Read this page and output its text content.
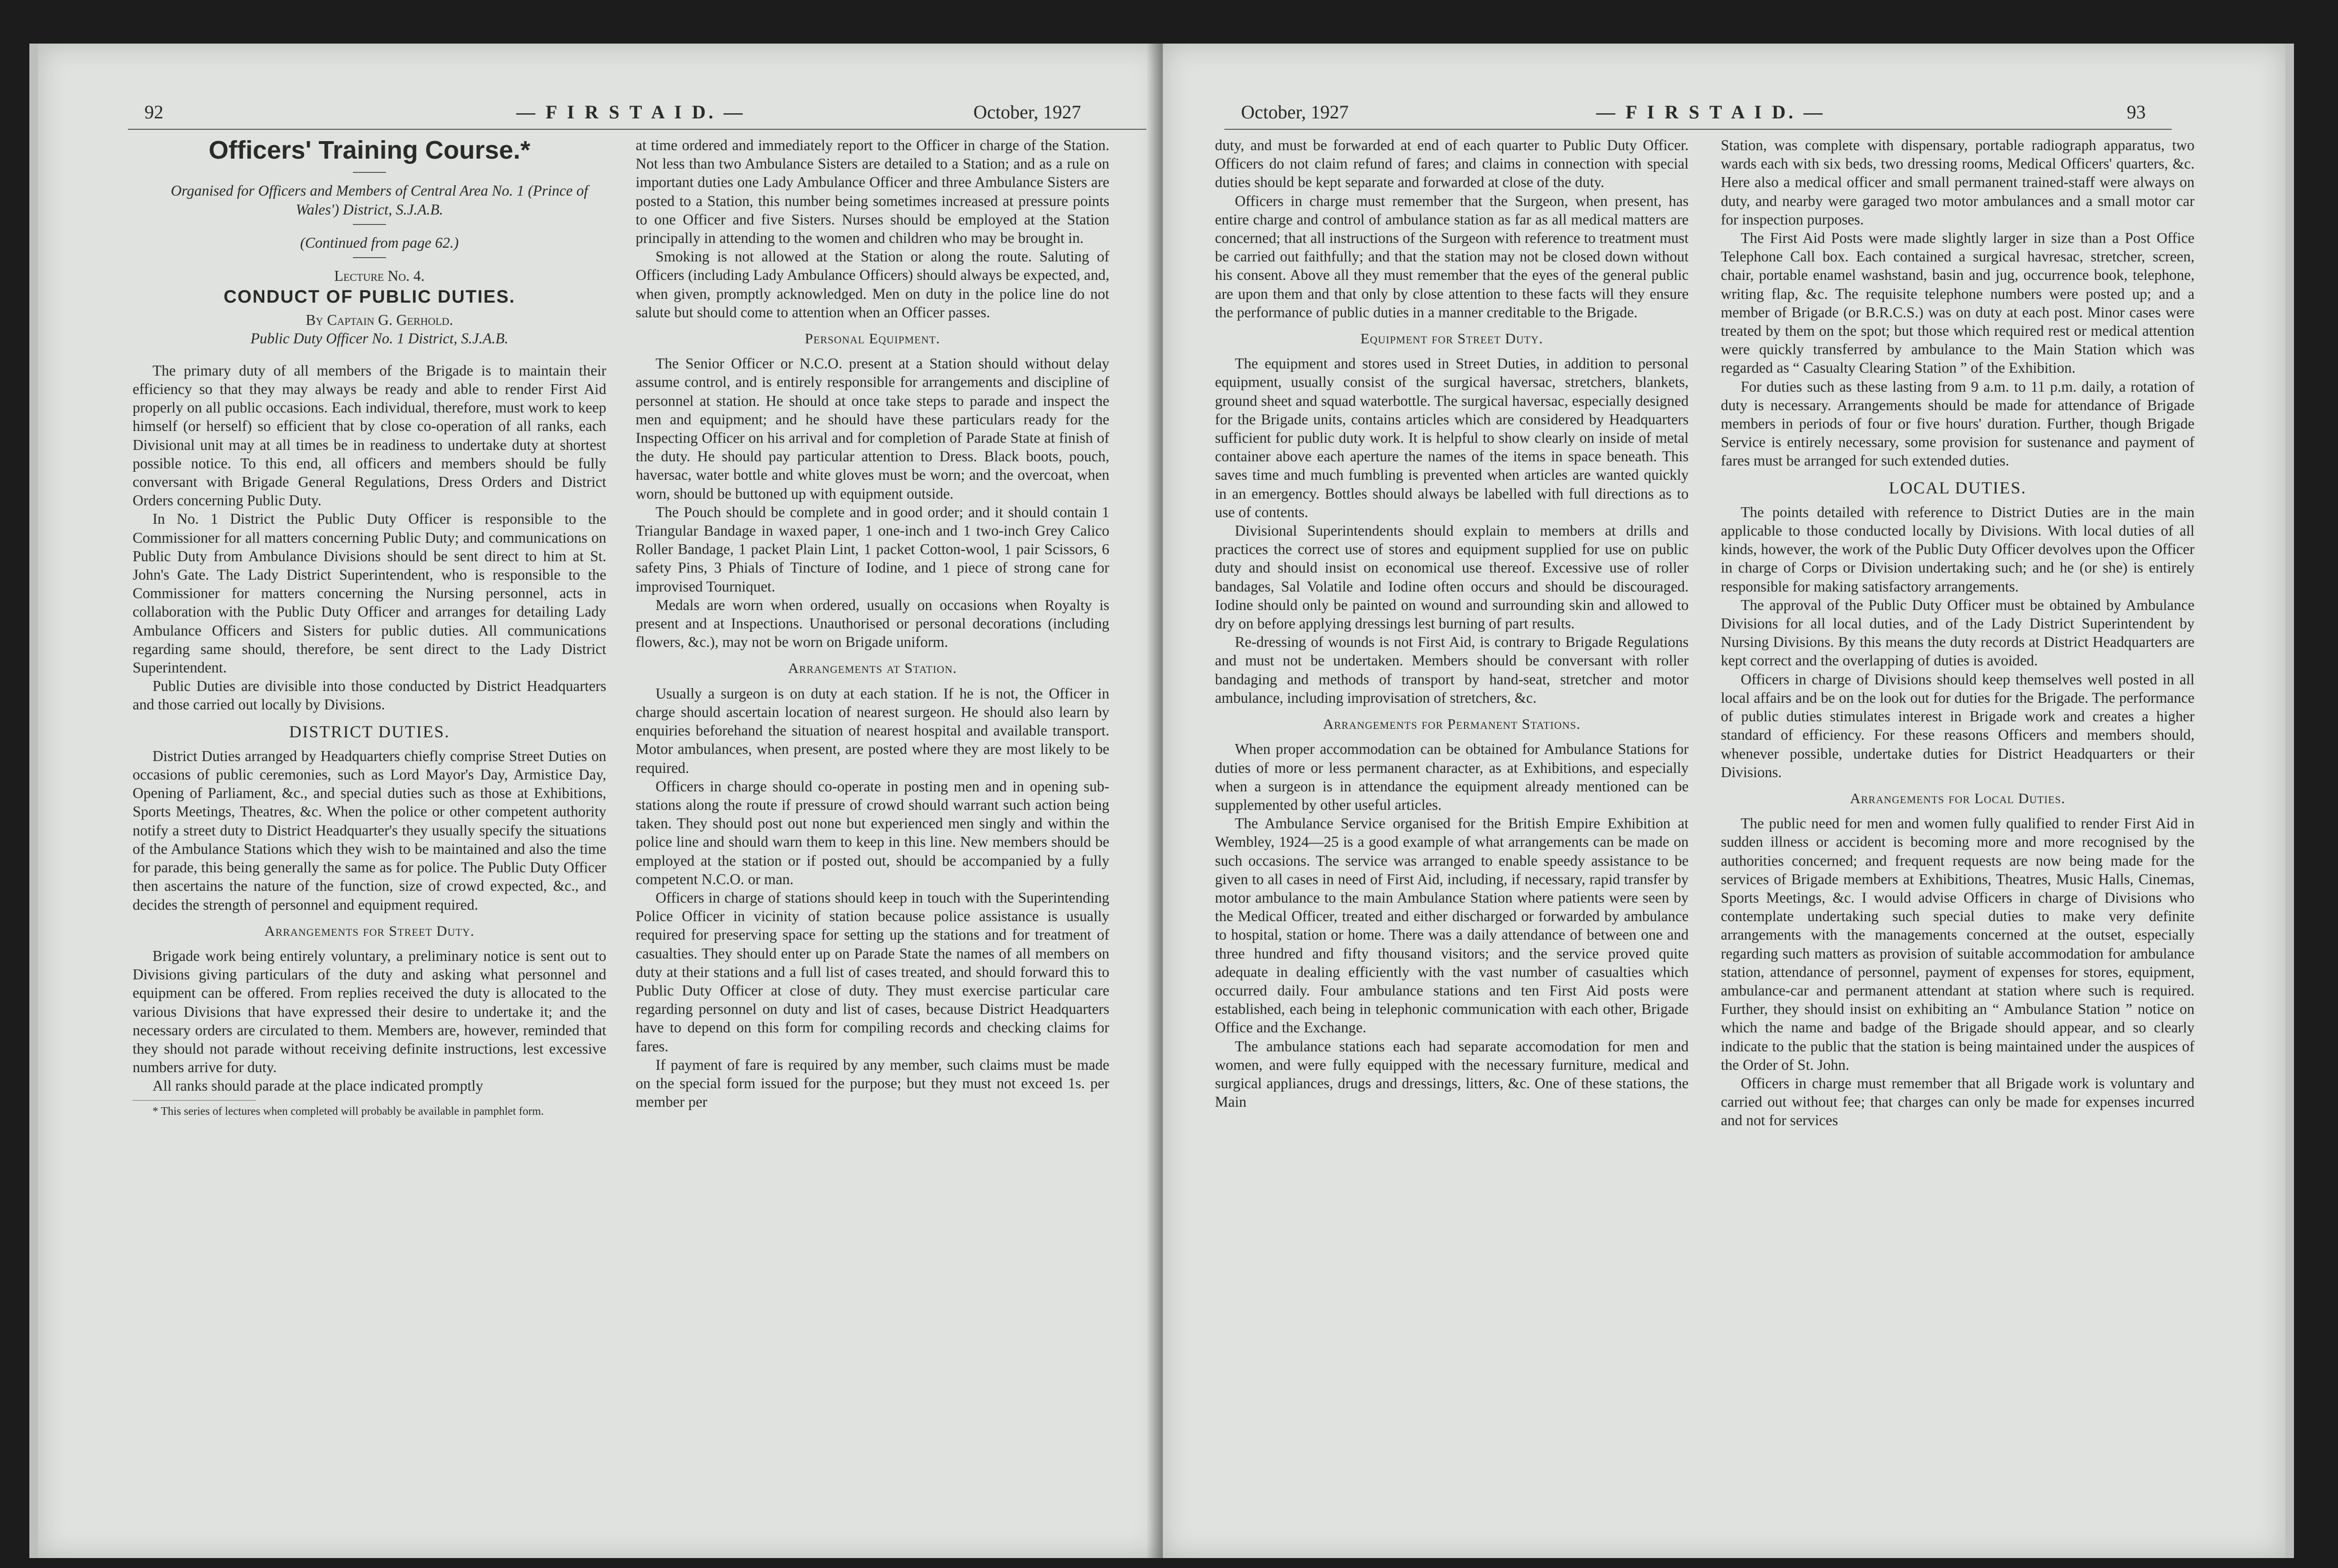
92	— F I R S T A I D. —	October, 1927
Officers' Training Course.*

Organised for Officers and Members of Central Area No. 1 (Prince of Wales') District, S.J.A.B.

(Continued from page 62.)

Lecture No. 4.

CONDUCT OF PUBLIC DUTIES.

By Captain G. Gerhold.

Public Duty Officer No. 1 District, S.J.A.B.

The primary duty of all members of the Brigade is to maintain their efficiency so that they may always be ready and able to render First Aid properly on all public occasions. Each individual, therefore, must work to keep himself (or herself) so efficient that by close co-operation of all ranks, each Divisional unit may at all times be in readiness to undertake duty at shortest possible notice. To this end, all officers and members should be fully conversant with Brigade General Regulations, Dress Orders and District Orders concerning Public Duty.

In No. 1 District the Public Duty Officer is responsible to the Commissioner for all matters concerning Public Duty; and communications on Public Duty from Ambulance Divisions should be sent direct to him at St. John's Gate. The Lady District Superintendent, who is responsible to the Commissioner for matters concerning the Nursing personnel, acts in collaboration with the Public Duty Officer and arranges for detailing Lady Ambulance Officers and Sisters for public duties. All communications regarding same should, therefore, be sent direct to the Lady District Superintendent.

Public Duties are divisible into those conducted by District Headquarters and those carried out locally by Divisions.

DISTRICT DUTIES.

District Duties arranged by Headquarters chiefly comprise Street Duties on occasions of public ceremonies, such as Lord Mayor's Day, Armistice Day, Opening of Parliament, &c., and special duties such as those at Exhibitions, Sports Meetings, Theatres, &c. When the police or other competent authority notify a street duty to District Headquarter's they usually specify the situations of the Ambulance Stations which they wish to be maintained and also the time for parade, this being generally the same as for police. The Public Duty Officer then ascertains the nature of the function, size of crowd expected, &c., and decides the strength of personnel and equipment required.

Arrangements for Street Duty.

Brigade work being entirely voluntary, a preliminary notice is sent out to Divisions giving particulars of the duty and asking what personnel and equipment can be offered. From replies received the duty is allocated to the various Divisions that have expressed their desire to undertake it; and the necessary orders are circulated to them. Members are, however, reminded that they should not parade without receiving definite instructions, lest excessive numbers arrive for duty.

All ranks should parade at the place indicated promptly

* This series of lectures when completed will probably be available in pamphlet form.

at time ordered and immediately report to the Officer in charge of the Station. Not less than two Ambulance Sisters are detailed to a Station; and as a rule on important duties one Lady Ambulance Officer and three Ambulance Sisters are posted to a Station, this number being sometimes increased at pressure points to one Officer and five Sisters. Nurses should be employed at the Station principally in attending to the women and children who may be brought in.

Smoking is not allowed at the Station or along the route. Saluting of Officers (including Lady Ambulance Officers) should always be expected, and, when given, promptly acknowledged. Men on duty in the police line do not salute but should come to attention when an Officer passes.

Personal Equipment.

The Senior Officer or N.C.O. present at a Station should without delay assume control, and is entirely responsible for arrangements and discipline of personnel at station. He should at once take steps to parade and inspect the men and equipment; and he should have these particulars ready for the Inspecting Officer on his arrival and for completion of Parade State at finish of the duty. He should pay particular attention to Dress. Black boots, pouch, haversac, water bottle and white gloves must be worn; and the overcoat, when worn, should be buttoned up with equipment outside.

The Pouch should be complete and in good order; and it should contain 1 Triangular Bandage in waxed paper, 1 one-inch and 1 two-inch Grey Calico Roller Bandage, 1 packet Plain Lint, 1 packet Cotton-wool, 1 pair Scissors, 6 safety Pins, 3 Phials of Tincture of Iodine, and 1 piece of strong cane for improvised Tourniquet.

Medals are worn when ordered, usually on occasions when Royalty is present and at Inspections. Unauthorised or personal decorations (including flowers, &c.), may not be worn on Brigade uniform.

Arrangements at Station.

Usually a surgeon is on duty at each station. If he is not, the Officer in charge should ascertain location of nearest surgeon. He should also learn by enquiries beforehand the situation of nearest hospital and available transport. Motor ambulances, when present, are posted where they are most likely to be required.

Officers in charge should co-operate in posting men and in opening sub-stations along the route if pressure of crowd should warrant such action being taken. They should post out none but experienced men singly and within the police line and should warn them to keep in this line. New members should be employed at the station or if posted out, should be accompanied by a fully competent N.C.O. or man.

Officers in charge of stations should keep in touch with the Superintending Police Officer in vicinity of station because police assistance is usually required for preserving space for setting up the stations and for treatment of casualties. They should enter up on Parade State the names of all members on duty at their stations and a full list of cases treated, and should forward this to Public Duty Officer at close of duty. They must exercise particular care regarding personnel on duty and list of cases, because District Headquarters have to depend on this form for compiling records and checking claims for fares.

If payment of fare is required by any member, such claims must be made on the special form issued for the purpose; but they must not exceed 1s. per member per

October, 1927	— F I R S T A I D. —	93

duty, and must be forwarded at end of each quarter to Public Duty Officer. Officers do not claim refund of fares; and claims in connection with special duties should be kept separate and forwarded at close of the duty.

Officers in charge must remember that the Surgeon, when present, has entire charge and control of ambulance station as far as all medical matters are concerned; that all instructions of the Surgeon with reference to treatment must be carried out faithfully; and that the station may not be closed down without his consent. Above all they must remember that the eyes of the general public are upon them and that only by close attention to these facts will they ensure the performance of public duties in a manner creditable to the Brigade.

Equipment for Street Duty.

The equipment and stores used in Street Duties, in addition to personal equipment, usually consist of the surgical haversac, stretchers, blankets, ground sheet and squad waterbottle. The surgical haversac, especially designed for the Brigade units, contains articles which are considered by Headquarters sufficient for public duty work. It is helpful to show clearly on inside of metal container above each aperture the names of the items in space beneath. This saves time and much fumbling is prevented when articles are wanted quickly in an emergency. Bottles should always be labelled with full directions as to use of contents.

Divisional Superintendents should explain to members at drills and practices the correct use of stores and equipment supplied for use on public duty and should insist on economical use thereof. Excessive use of roller bandages, Sal Volatile and Iodine often occurs and should be discouraged. Iodine should only be painted on wound and surrounding skin and allowed to dry on before applying dressings lest burning of part results.

Re-dressing of wounds is not First Aid, is contrary to Brigade Regulations and must not be undertaken. Members should be conversant with roller bandaging and methods of transport by hand-seat, stretcher and motor ambulance, including improvisation of stretchers, &c.

Arrangements for Permanent Stations.

When proper accommodation can be obtained for Ambulance Stations for duties of more or less permanent character, as at Exhibitions, and especially when a surgeon is in attendance the equipment already mentioned can be supplemented by other useful articles.

The Ambulance Service organised for the British Empire Exhibition at Wembley, 1924—25 is a good example of what arrangements can be made on such occasions. The service was arranged to enable speedy assistance to be given to all cases in need of First Aid, including, if necessary, rapid transfer by motor ambulance to the main Ambulance Station where patients were seen by the Medical Officer, treated and either discharged or forwarded by ambulance to hospital, station or home. There was a daily attendance of between one and three hundred and fifty thousand visitors; and the service proved quite adequate in dealing efficiently with the vast number of casualties which occurred daily. Four ambulance stations and ten First Aid posts were established, each being in telephonic communication with each other, Brigade Office and the Exchange.

The ambulance stations each had separate accomodation for men and women, and were fully equipped with the necessary furniture, medical and surgical appliances, drugs and dressings, litters, &c. One of these stations, the Main

Station, was complete with dispensary, portable radiograph apparatus, two wards each with six beds, two dressing rooms, Medical Officers' quarters, &c. Here also a medical officer and small permanent trained-staff were always on duty, and nearby were garaged two motor ambulances and a small motor car for inspection purposes.

The First Aid Posts were made slightly larger in size than a Post Office Telephone Call box. Each contained a surgical havresac, stretcher, screen, chair, portable enamel washstand, basin and jug, occurrence book, telephone, writing flap, &c. The requisite telephone numbers were posted up; and a member of Brigade (or B.R.C.S.) was on duty at each post. Minor cases were treated by them on the spot; but those which required rest or medical attention were quickly transferred by ambulance to the Main Station which was regarded as “ Casualty Clearing Station ” of the Exhibition.

For duties such as these lasting from 9 a.m. to 11 p.m. daily, a rotation of duty is necessary. Arrangements should be made for attendance of Brigade members in periods of four or five hours' duration. Further, though Brigade Service is entirely necessary, some provision for sustenance and payment of fares must be arranged for such extended duties.

LOCAL DUTIES.

The points detailed with reference to District Duties are in the main applicable to those conducted locally by Divisions. With local duties of all kinds, however, the work of the Public Duty Officer devolves upon the Officer in charge of Corps or Division undertaking such; and he (or she) is entirely responsible for making satisfactory arrangements.

The approval of the Public Duty Officer must be obtained by Ambulance Divisions for all local duties, and of the Lady District Superintendent by Nursing Divisions. By this means the duty records at District Headquarters are kept correct and the overlapping of duties is avoided.

Officers in charge of Divisions should keep themselves well posted in all local affairs and be on the look out for duties for the Brigade. The performance of public duties stimulates interest in Brigade work and creates a higher standard of efficiency. For these reasons Officers and members should, whenever possible, undertake duties for District Headquarters or their Divisions.

Arrangements for Local Duties.

The public need for men and women fully qualified to render First Aid in sudden illness or accident is becoming more and more recognised by the authorities concerned; and frequent requests are now being made for the services of Brigade members at Exhibitions, Theatres, Music Halls, Cinemas, Sports Meetings, &c. I would advise Officers in charge of Divisions who contemplate undertaking such special duties to make very definite arrangements with the managements concerned at the outset, especially regarding such matters as provision of suitable accommodation for ambulance station, attendance of personnel, payment of expenses for stores, equipment, ambulance-car and permanent attendant at station where such is required. Further, they should insist on exhibiting an “ Ambulance Station ” notice on which the name and badge of the Brigade should appear, and so clearly indicate to the public that the station is being maintained under the auspices of the Order of St. John.

Officers in charge must remember that all Brigade work is voluntary and carried out without fee; that charges can only be made for expenses incurred and not for services
